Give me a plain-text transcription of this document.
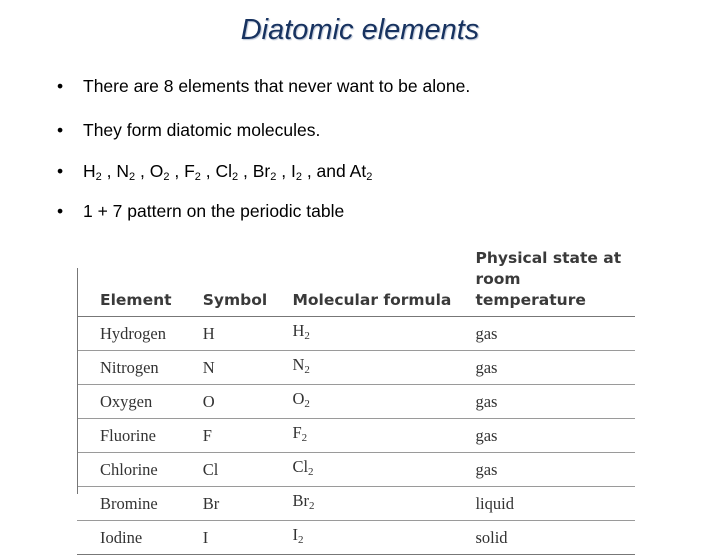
Diatomic elements
• There are 8 elements that never want to be alone.
• They form diatomic molecules.
• $H_2$ , $N_2$ , $O_2$ , $F_2$ , $Cl_2$ , $Br_2$ , $I_2$ , and $At_2$
• 1 + 7 pattern on the periodic table
Element	Symbol	Molecular formula	Physical state at room temperature
Hydrogen	H	$H_2$	gas
Nitrogen	N	$N_2$	gas
Oxygen	O	$O_2$	gas
Fluorine	F	$F_2$	gas
Chlorine	Cl	$Cl_2$	gas
Bromine	Br	$Br_2$	liquid
Iodine	I	$I_2$	solid
